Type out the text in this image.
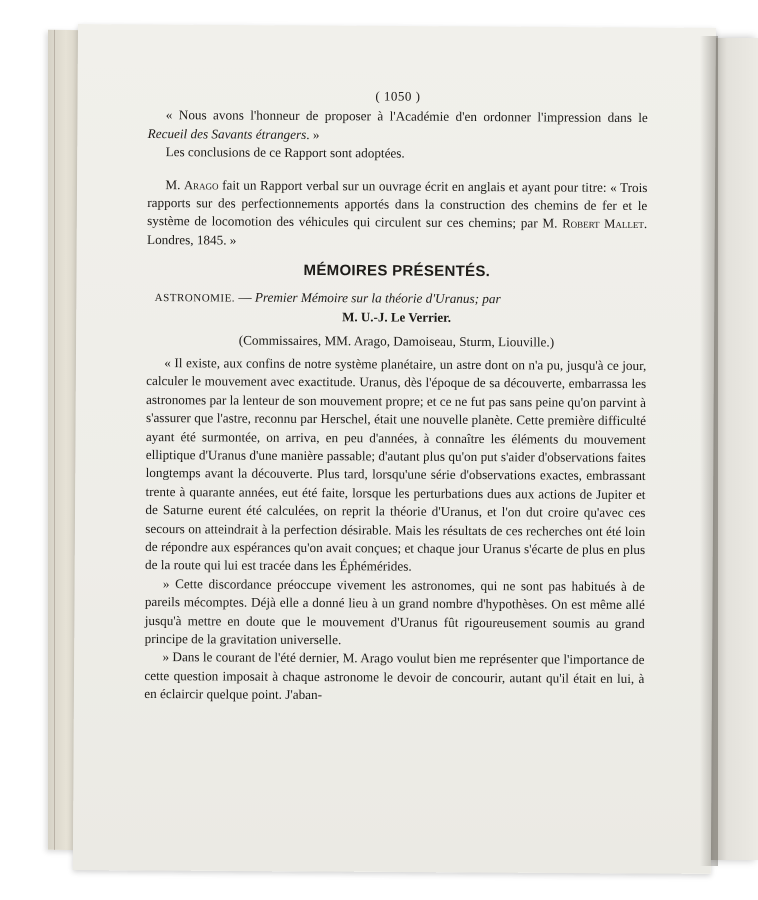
( 1050 )

« Nous avons l'honneur de proposer à l'Académie d'en ordonner l'impression dans le Recueil des Savants étrangers. »

Les conclusions de ce Rapport sont adoptées.

M. Arago fait un Rapport verbal sur un ouvrage écrit en anglais et ayant pour titre: « Trois rapports sur des perfectionnements apportés dans la construction des chemins de fer et le système de locomotion des véhicules qui circulent sur ces chemins; par M. Robert Mallet. Londres, 1845. »

MÉMOIRES PRÉSENTÉS.

ASTRONOMIE. — Premier Mémoire sur la théorie d'Uranus; par

M. U.-J. Le Verrier.
(Commissaires, MM. Arago, Damoiseau, Sturm, Liouville.)

« Il existe, aux confins de notre système planétaire, un astre dont on n'a pu, jusqu'à ce jour, calculer le mouvement avec exactitude. Uranus, dès l'époque de sa découverte, embarrassa les astronomes par la lenteur de son mouvement propre; et ce ne fut pas sans peine qu'on parvint à s'assurer que l'astre, reconnu par Herschel, était une nouvelle planète. Cette première difficulté ayant été surmontée, on arriva, en peu d'années, à connaître les éléments du mouvement elliptique d'Uranus d'une manière passable; d'autant plus qu'on put s'aider d'observations faites longtemps avant la découverte. Plus tard, lorsqu'une série d'observations exactes, embrassant trente à quarante années, eut été faite, lorsque les perturbations dues aux actions de Jupiter et de Saturne eurent été calculées, on reprit la théorie d'Uranus, et l'on dut croire qu'avec ces secours on atteindrait à la perfection désirable. Mais les résultats de ces recherches ont été loin de répondre aux espérances qu'on avait conçues; et chaque jour Uranus s'écarte de plus en plus de la route qui lui est tracée dans les Éphémérides.

» Cette discordance préoccupe vivement les astronomes, qui ne sont pas habitués à de pareils mécomptes. Déjà elle a donné lieu à un grand nombre d'hypothèses. On est même allé jusqu'à mettre en doute que le mouvement d'Uranus fût rigoureusement soumis au grand principe de la gravitation universelle.

» Dans le courant de l'été dernier, M. Arago voulut bien me représenter que l'importance de cette question imposait à chaque astronome le devoir de concourir, autant qu'il était en lui, à en éclaircir quelque point. J'aban-
